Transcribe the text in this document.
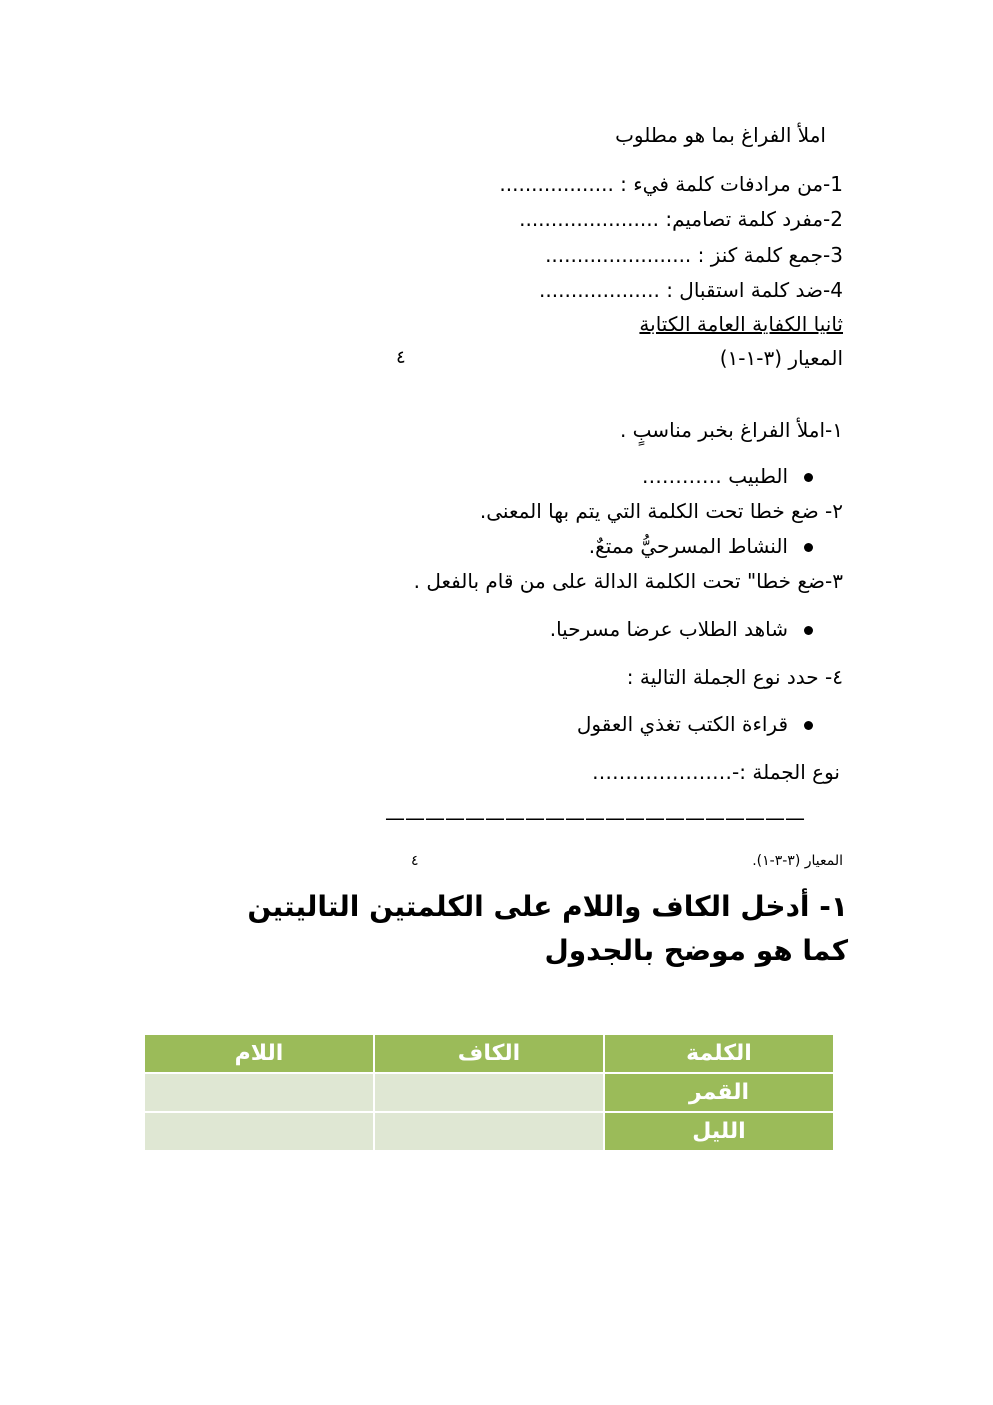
املأ الفراغ بما هو مطلوب
1-من مرادفات كلمة فيء : ..................
2-مفرد كلمة تصاميم: ......................
3-جمع كلمة كنز : .......................
4-ضد كلمة استقبال : ...................
ثانيا الكفاية العامة الكتابة
المعيار (٣-١-١)
٤
١-املأ الفراغ بخبر مناسبٍ .
الطبيب …………
٢- ضع خطا تحت الكلمة التي يتم بها المعنى.
النشاط المسرحيُّ ممتعٌ.
٣-ضع خطا" تحت الكلمة الدالة على من قام بالفعل .
شاهد الطلاب عرضا مسرحيا.
٤- حدد نوع الجملة التالية :
قراءة الكتب تغذي العقول
نوع الجملة :-…………………
—————————————————————
المعيار (٣-٣-١).
٤
١- أدخل الكاف واللام على الكلمتين التاليتين كما هو موضح بالجدول
الكلمة	الكاف	اللام
القمر		
الليل		
